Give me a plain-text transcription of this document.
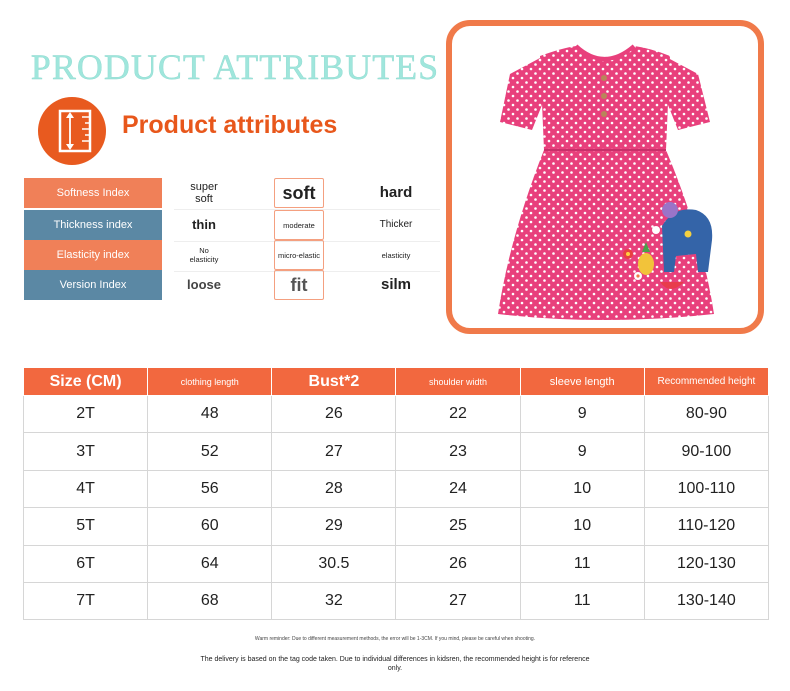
PRODUCT ATTRIBUTES
Product attributes
Softness Index	super soft	soft	hard
Thickness index	thin	moderate	Thicker
Elasticity index	No elasticity	micro-elastic	elasticity
Version Index	loose	fit	silm
Size (CM)	clothing length	Bust*2	shoulder width	sleeve length	Recommended height
2T	48	26	22	9	80-90
3T	52	27	23	9	90-100
4T	56	28	24	10	100-110
5T	60	29	25	10	110-120
6T	64	30.5	26	11	120-130
7T	68	32	27	11	130-140
Warm reminder: Due to different measurement methods, the error will be 1-3CM. If you mind, please be careful when shooting.
The delivery is based on the tag code taken. Due to individual differences in kidsren, the recommended height is for reference only.
